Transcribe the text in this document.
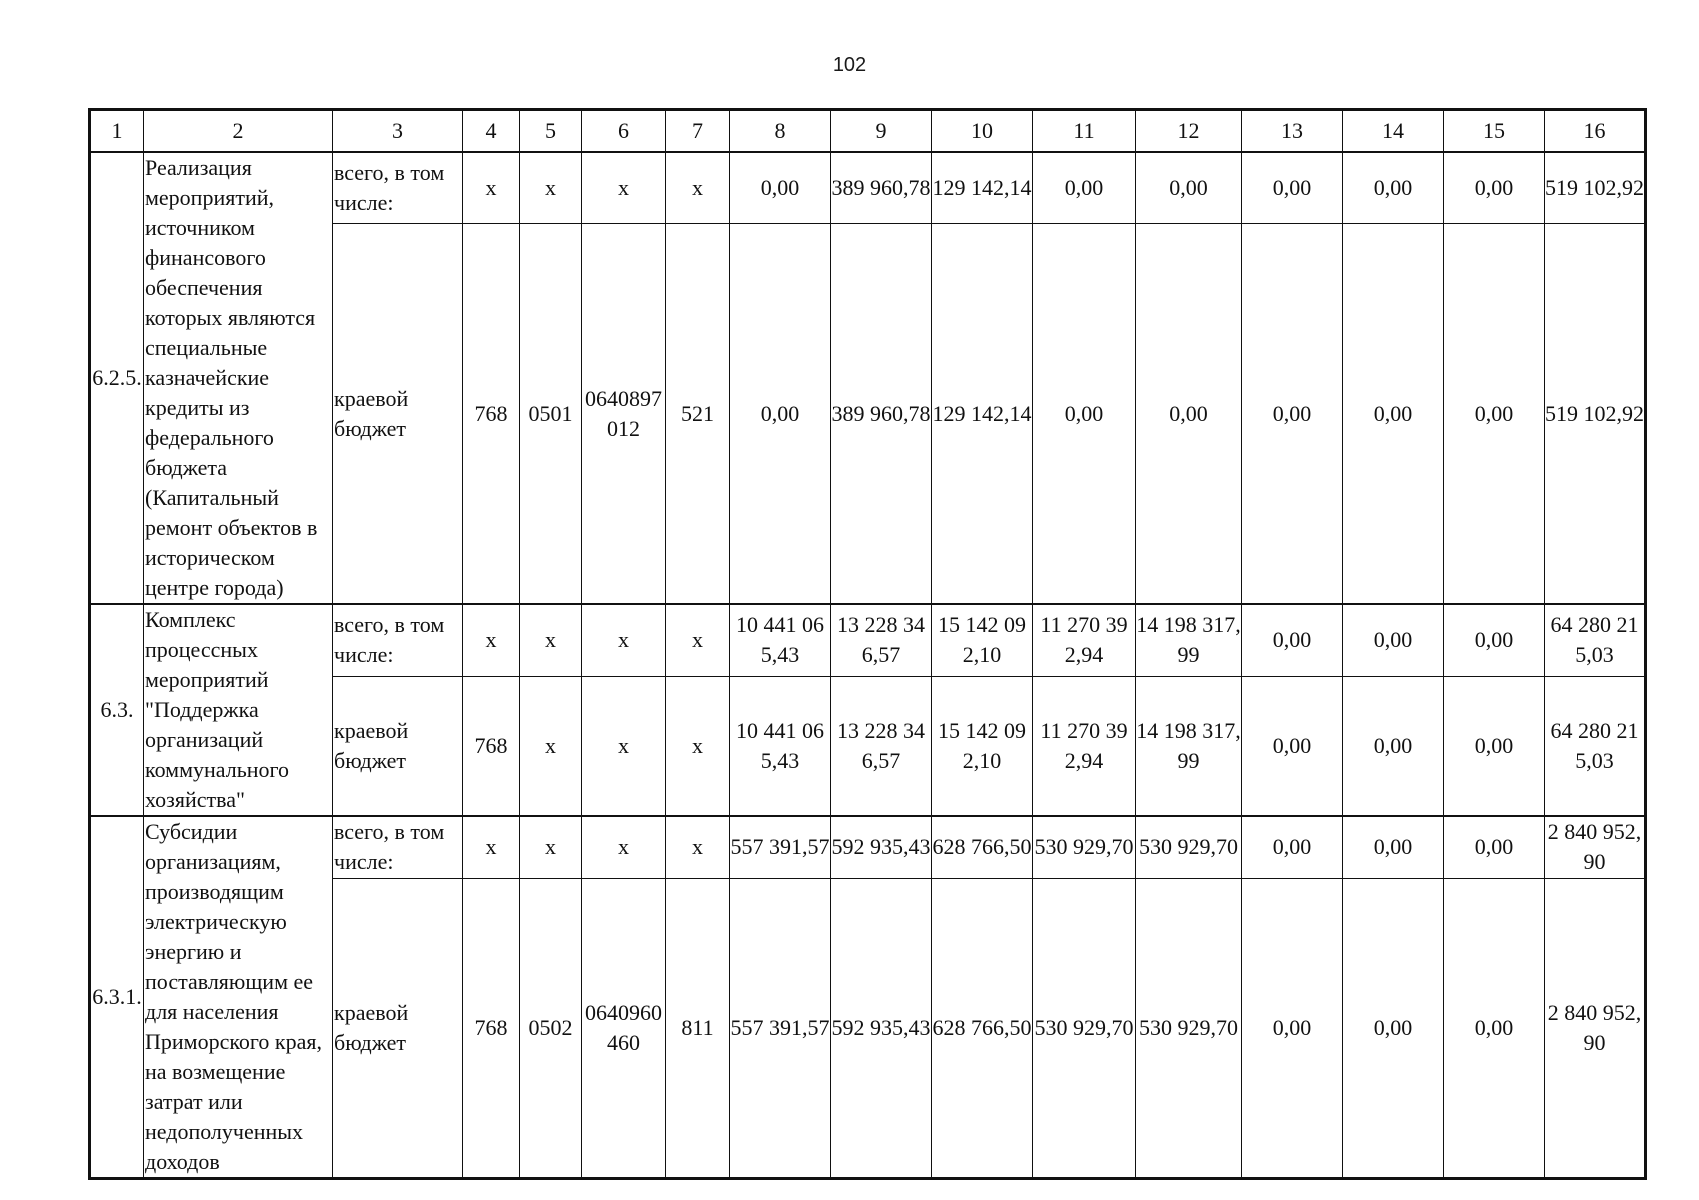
102
1	2	3	4	5	6	7	8	9	10	11	12	13	14	15	16
6.2.5.	Реализация мероприятий, источником финансового обеспечения которых являются специальные казначейские кредиты из федерального бюджета (Капитальный ремонт объектов в историческом центре города)	всего, в том числе:	x	x	x	x	0,00	389 960,78	129 142,14	0,00	0,00	0,00	0,00	0,00	519 102,92
		краевой бюджет	768	0501	0640897012	521	0,00	389 960,78	129 142,14	0,00	0,00	0,00	0,00	0,00	519 102,92
6.3.	Комплекс процессных мероприятий "Поддержка организаций коммунального хозяйства"	всего, в том числе:	x	x	x	x	10 441 065,43	13 228 346,57	15 142 092,10	11 270 392,94	14 198 317,99	0,00	0,00	0,00	64 280 215,03
		краевой бюджет	768	x	x	x	10 441 065,43	13 228 346,57	15 142 092,10	11 270 392,94	14 198 317,99	0,00	0,00	0,00	64 280 215,03
6.3.1.	Субсидии организациям, производящим электрическую энергию и поставляющим ее для населения Приморского края, на возмещение затрат или недополученных доходов	всего, в том числе:	x	x	x	x	557 391,57	592 935,43	628 766,50	530 929,70	530 929,70	0,00	0,00	0,00	2 840 952,90
		краевой бюджет	768	0502	0640960460	811	557 391,57	592 935,43	628 766,50	530 929,70	530 929,70	0,00	0,00	0,00	2 840 952,90
